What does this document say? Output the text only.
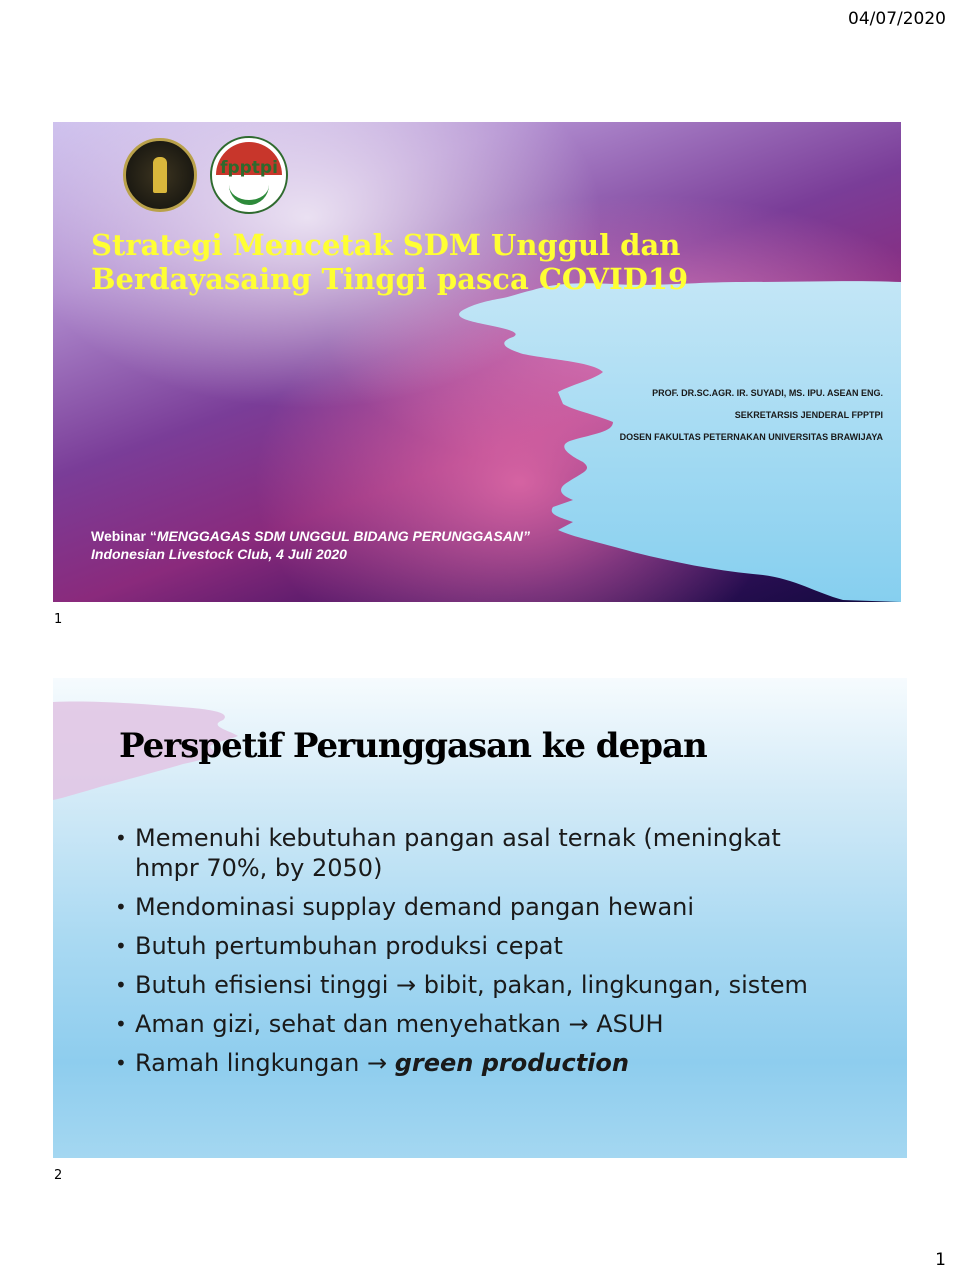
04/07/2020
fpptpi
Strategi Mencetak SDM Unggul dan
Berdayasaing Tinggi pasca COVID19
PROF. DR.SC.AGR. IR. SUYADI, MS. IPU. ASEAN ENG.
SEKRETARSIS JENDERAL FPPTPI
DOSEN FAKULTAS PETERNAKAN UNIVERSITAS BRAWIJAYA
Webinar “MENGGAGAS SDM UNGGUL BIDANG PERUNGGASAN”
Indonesian Livestock Club, 4 Juli 2020
1
Perspetif Perunggasan ke depan
• Memenuhi kebutuhan pangan asal ternak (meningkat hmpr 70%, by 2050)
• Mendominasi supplay demand pangan hewani
• Butuh pertumbuhan produksi cepat
• Butuh efisiensi tinggi → bibit, pakan, lingkungan, sistem
• Aman gizi, sehat dan menyehatkan → ASUH
• Ramah lingkungan → green production
2
1
